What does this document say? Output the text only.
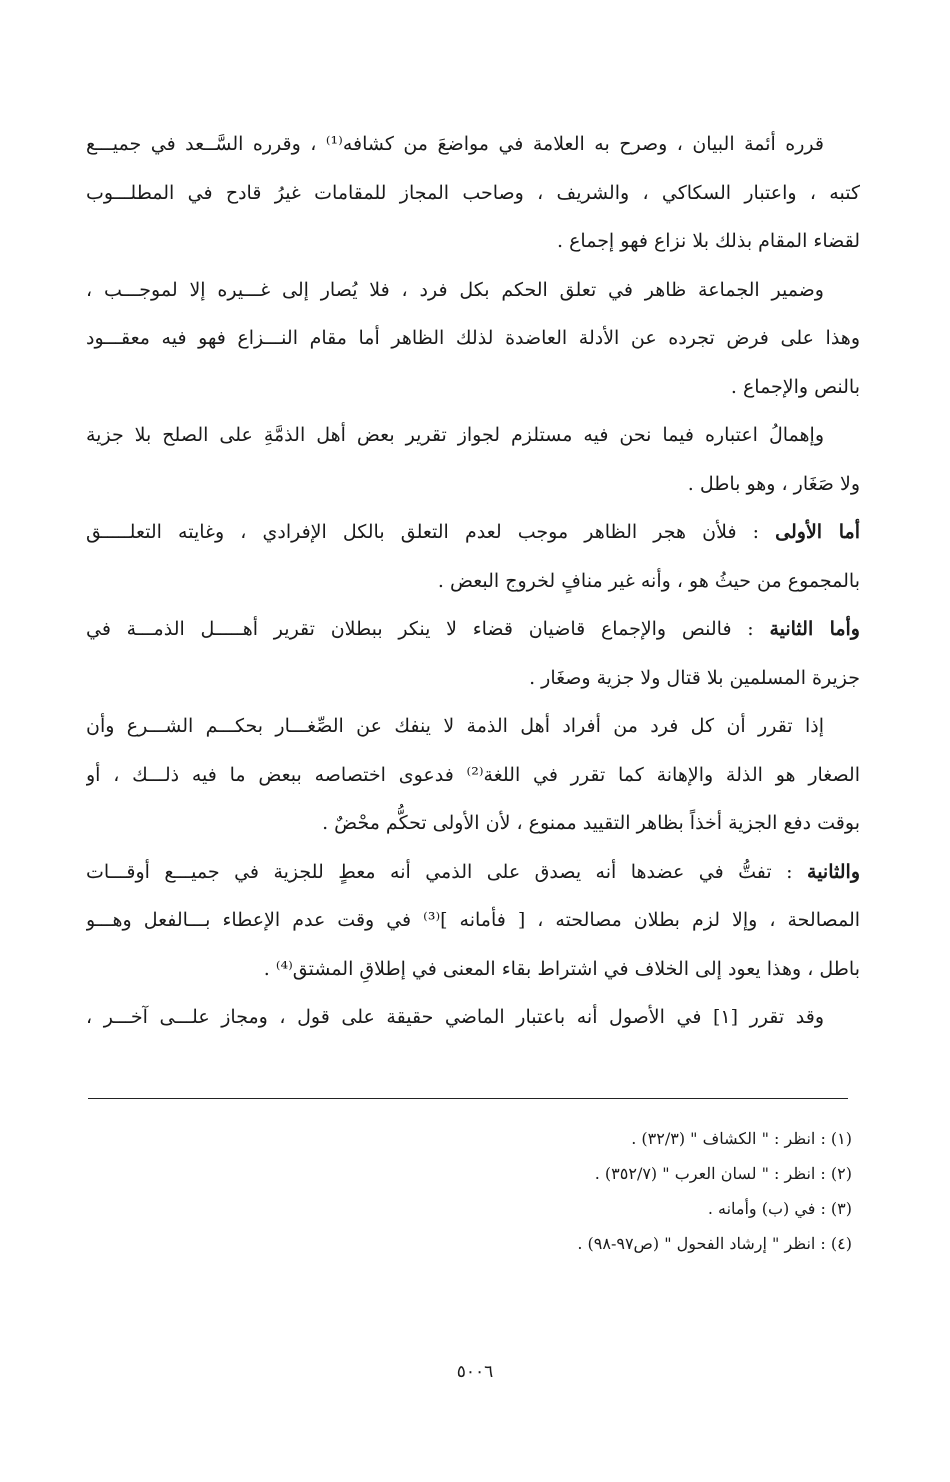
قرره أئمة البيان ، وصرح به العلامة في مواضعَ من كشافه⁽¹⁾ ، وقرره السَّــعد في جميـــع
كتبه ، واعتبار السكاكي ، والشريف ، وصاحب المجاز للمقامات غيرُ قادح في المطلـــوب
لقضاء المقام بذلك بلا نزاع فهو إجماع .
وضمير الجماعة ظاهر في تعلق الحكم بكل فرد ، فلا يُصار إلى غـــيره إلا لموجـــب ،
وهذا على فرض تجرده عن الأدلة العاضدة لذلك الظاهر أما مقام النـــزاع فهو فيه معقـــود
بالنص والإجماع .
وإهمالُ اعتباره فيما نحن فيه مستلزم لجواز تقرير بعض أهل الذمَّةِ على الصلح بلا جزية
ولا صَغَار ، وهو باطل .
أما الأولى : فلأن هجر الظاهر موجب لعدم التعلق بالكل الإفرادي ، وغايته التعلـــــق
بالمجموع من حيثُ هو ، وأنه غير منافٍ لخروج البعض .
وأما الثانية : فالنص والإجماع قاضيان قضاء لا ينكر ببطلان تقرير أهـــــل الذمـــة في
جزيرة المسلمين بلا قتال ولا جزية وصغَار .
إذا تقرر أن كل فرد من أفراد أهل الذمة لا ينفك عن الصِّغـــار بحكـــم الشـــرع وأن
الصغار هو الذلة والإهانة كما تقرر في اللغة⁽²⁾ فدعوى اختصاصه ببعض ما فيه ذلـــك ، أو
بوقت دفع الجزية أخذاً بظاهر التقييد ممنوع ، لأن الأولى تحكُّم محْضٌ .
والثانية : تفتُّ في عضدها أنه يصدق على الذمي أنه معطٍ للجزية في جميـــع أوقـــات
المصالحة ، وإلا لزم بطلان مصالحته ، [ فأمانه ]⁽³⁾ في وقت عدم الإعطاء بـــالفعل وهـــو
باطل ، وهذا يعود إلى الخلاف في اشتراط بقاء المعنى في إطلاقِ المشتق⁽⁴⁾ .
وقد تقرر [١] في الأصول أنه باعتبار الماضي حقيقة على قول ، ومجاز علـــى آخـــر ،
(١) : انظر : " الكشاف " (٣٢/٣) .
(٢) : انظر : " لسان العرب " (٣٥٢/٧) .
(٣) : في (ب) وأمانه .
(٤) : انظر " إرشاد الفحول " (ص٩٧-٩٨) .
٥٠٠٦
